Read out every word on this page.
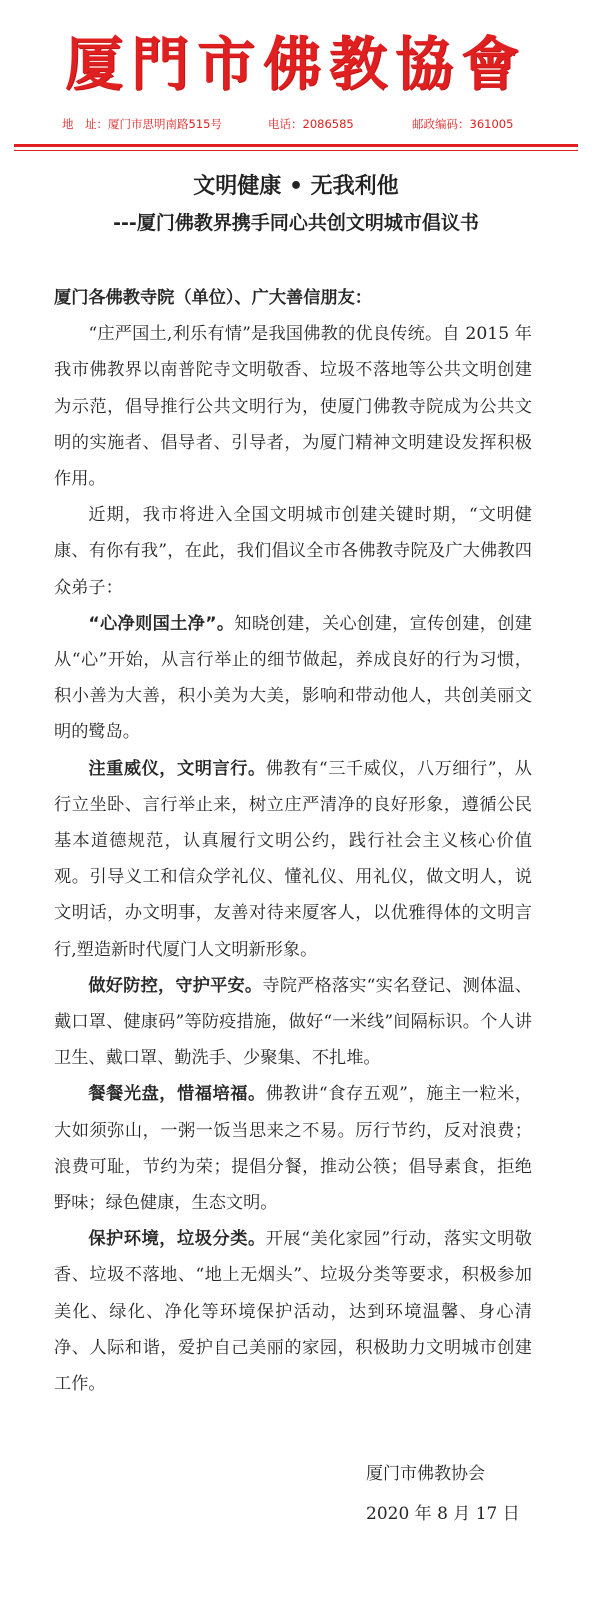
厦門市佛教協會
地　址：厦门市思明南路515号	电话：2086585	邮政编码：361005
文明健康 • 无我利他
---厦门佛教界携手同心共创文明城市倡议书

厦门各佛教寺院（单位）、广大善信朋友：

“庄严国土,利乐有情”是我国佛教的优良传统。自 2015 年我市佛教界以南普陀寺文明敬香、垃圾不落地等公共文明创建为示范，倡导推行公共文明行为，使厦门佛教寺院成为公共文明的实施者、倡导者、引导者，为厦门精神文明建设发挥积极作用。

近期，我市将进入全国文明城市创建关键时期，“文明健康、有你有我”，在此，我们倡议全市各佛教寺院及广大佛教四众弟子：

“心净则国土净”。知晓创建，关心创建，宣传创建，创建从“心”开始，从言行举止的细节做起，养成良好的行为习惯，积小善为大善，积小美为大美，影响和带动他人，共创美丽文明的鹭岛。

注重威仪，文明言行。佛教有“三千威仪，八万细行”，从行立坐卧、言行举止来，树立庄严清净的良好形象，遵循公民基本道德规范，认真履行文明公约，践行社会主义核心价值观。引导义工和信众学礼仪、懂礼仪、用礼仪，做文明人，说文明话，办文明事，友善对待来厦客人，以优雅得体的文明言行,塑造新时代厦门人文明新形象。

做好防控，守护平安。寺院严格落实“实名登记、测体温、戴口罩、健康码”等防疫措施，做好“一米线”间隔标识。个人讲卫生、戴口罩、勤洗手、少聚集、不扎堆。

餐餐光盘，惜福培福。佛教讲“食存五观”，施主一粒米，大如须弥山，一粥一饭当思来之不易。厉行节约，反对浪费；浪费可耻，节约为荣；提倡分餐，推动公筷；倡导素食，拒绝野味；绿色健康，生态文明。

保护环境，垃圾分类。开展“美化家园”行动，落实文明敬香、垃圾不落地、“地上无烟头”、垃圾分类等要求，积极参加美化、绿化、净化等环境保护活动，达到环境温馨、身心清净、人际和谐，爱护自己美丽的家园，积极助力文明城市创建工作。

厦门市佛教协会
2020 年 8 月 17 日
